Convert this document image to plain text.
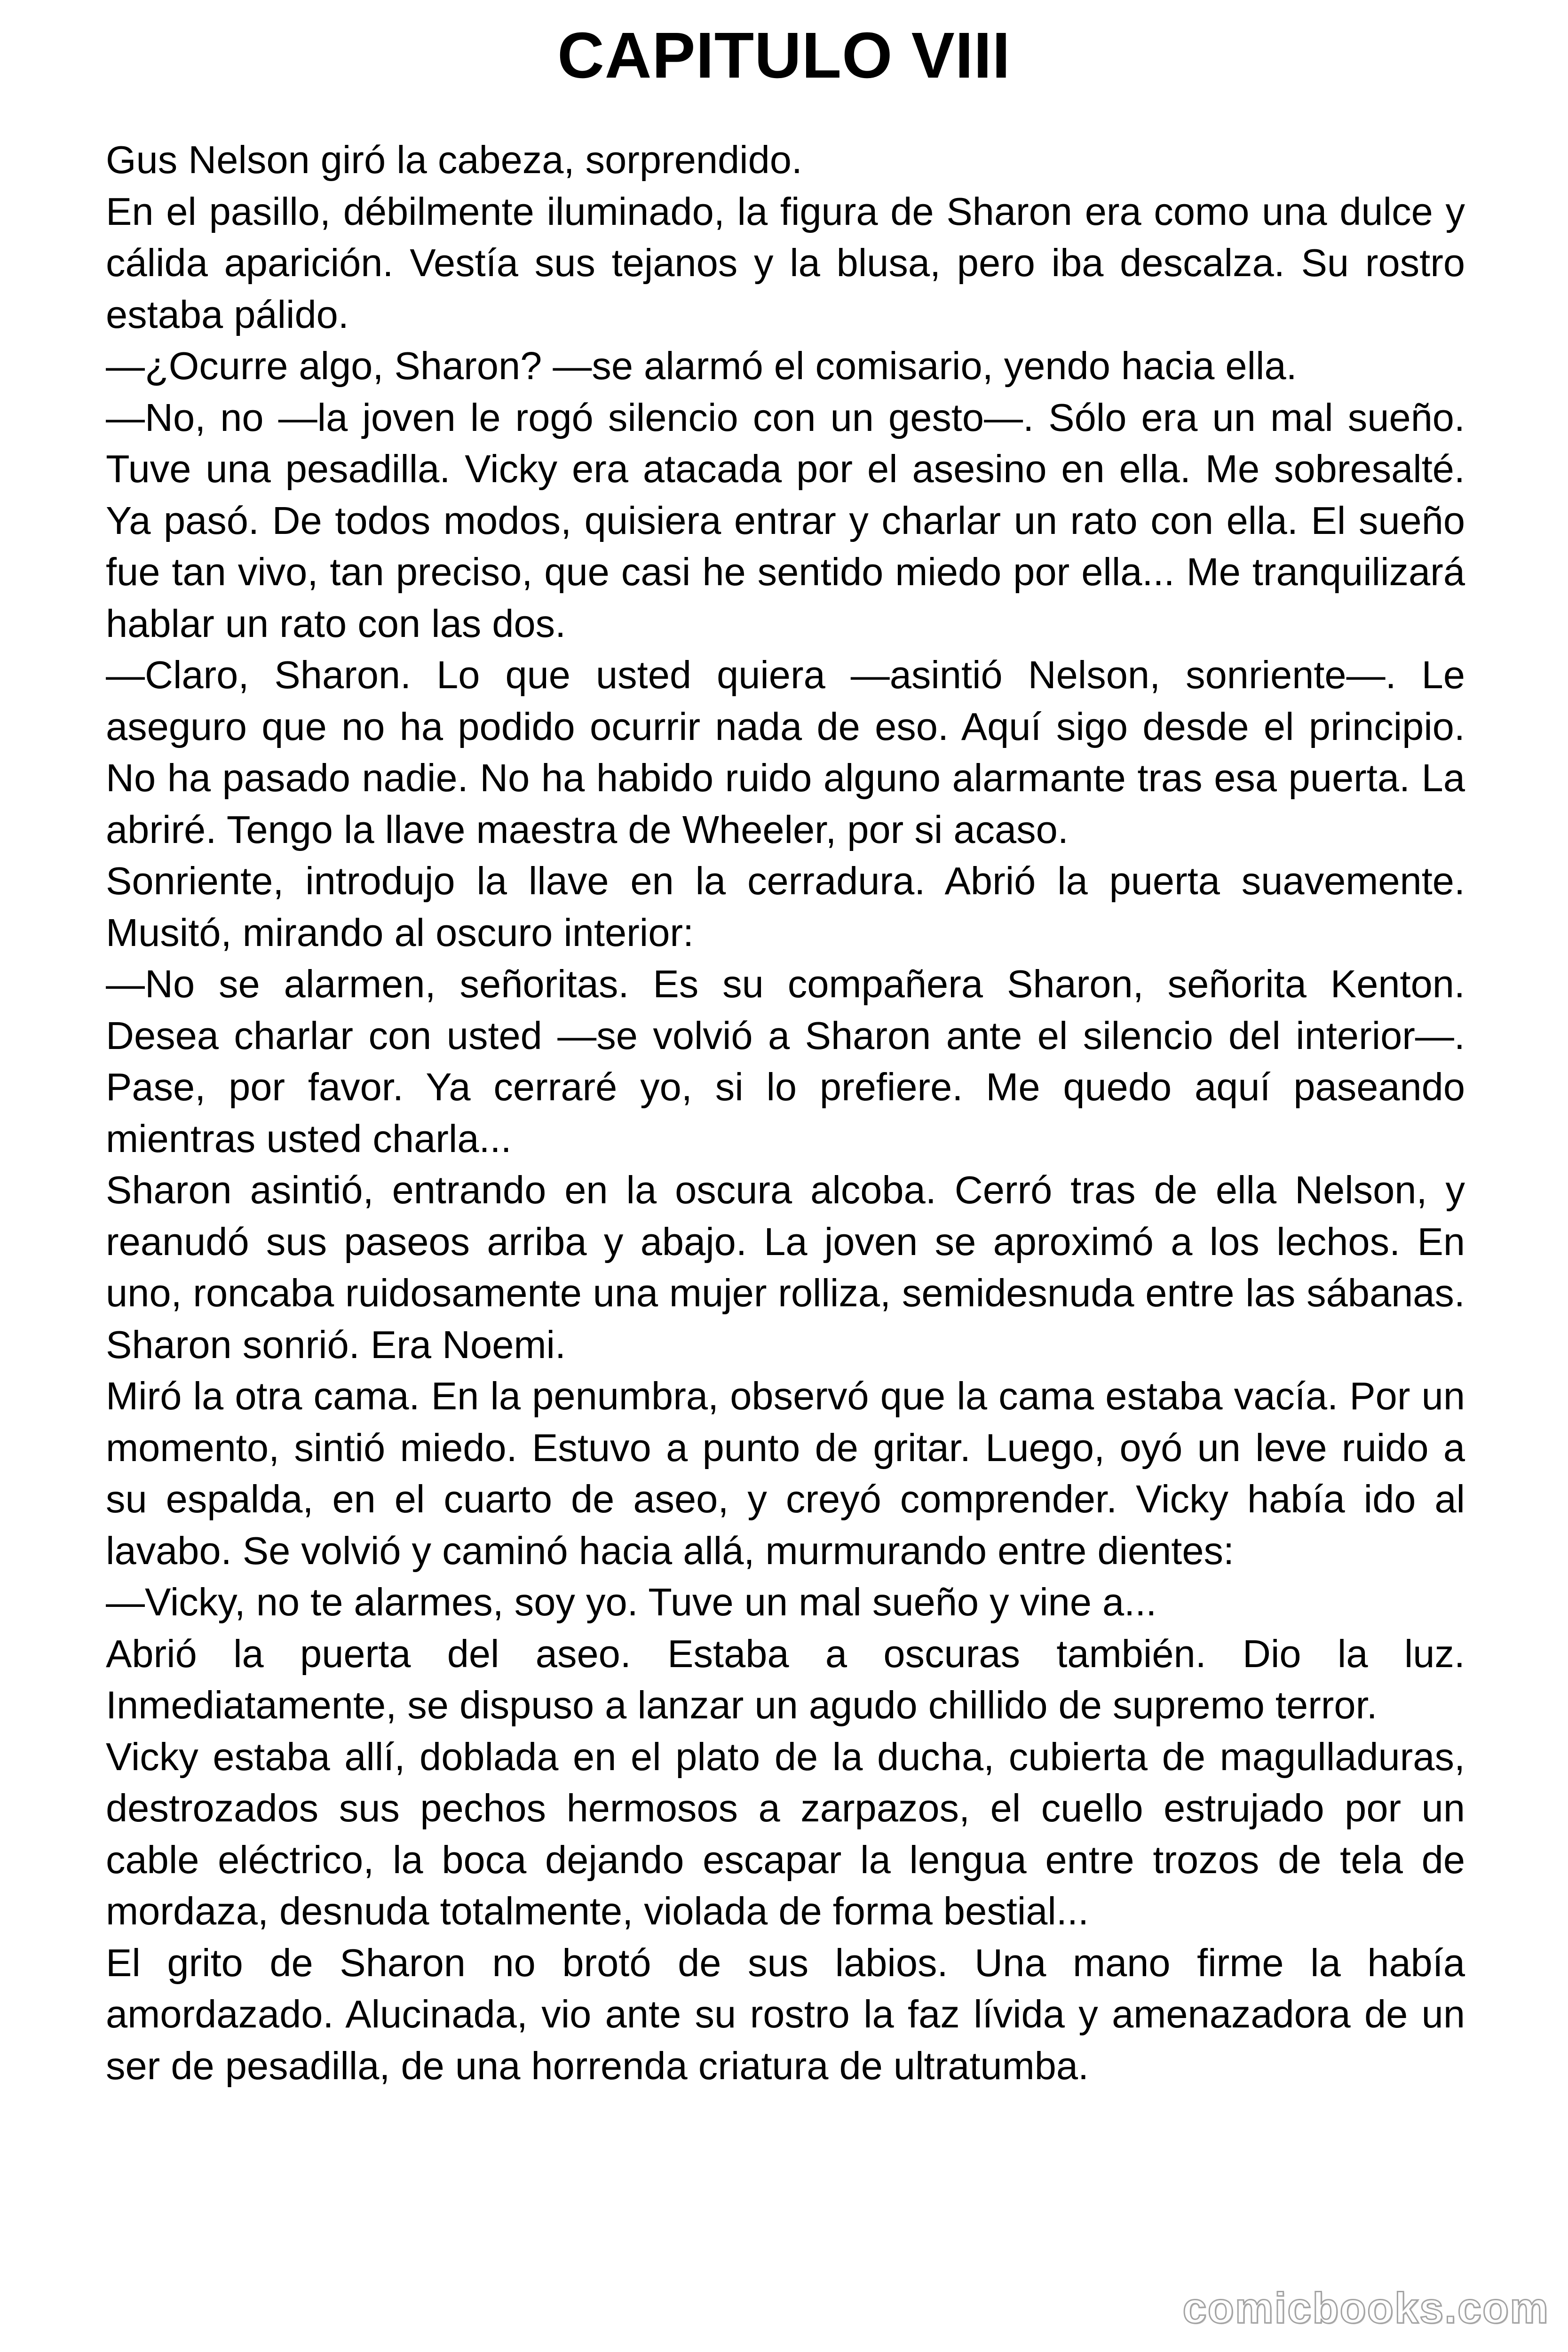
CAPITULO VIII

Gus Nelson giró la cabeza, sorprendido.

En el pasillo, débilmente iluminado, la figura de Sharon era como una dulce y cálida aparición. Vestía sus tejanos y la blusa, pero iba descalza. Su rostro estaba pálido.

—¿Ocurre algo, Sharon? —se alarmó el comisario, yendo hacia ella.

—No, no —la joven le rogó silencio con un gesto—. Sólo era un mal sueño. Tuve una pesadilla. Vicky era atacada por el asesino en ella. Me sobresalté. Ya pasó. De todos modos, quisiera entrar y charlar un rato con ella. El sueño fue tan vivo, tan preciso, que casi he sentido miedo por ella... Me tranquilizará hablar un rato con las dos.

—Claro, Sharon. Lo que usted quiera —asintió Nelson, sonriente—. Le aseguro que no ha podido ocurrir nada de eso. Aquí sigo desde el principio. No ha pasado nadie. No ha habido ruido alguno alarmante tras esa puerta. La abriré. Tengo la llave maestra de Wheeler, por si acaso.

Sonriente, introdujo la llave en la cerradura. Abrió la puerta suavemente. Musitó, mirando al oscuro interior:

—No se alarmen, señoritas. Es su compañera Sharon, señorita Kenton. Desea charlar con usted —se volvió a Sharon ante el silencio del interior—. Pase, por favor. Ya cerraré yo, si lo prefiere. Me quedo aquí paseando mientras usted charla...

Sharon asintió, entrando en la oscura alcoba. Cerró tras de ella Nelson, y reanudó sus paseos arriba y abajo. La joven se aproximó a los lechos. En uno, roncaba ruidosamente una mujer rolliza, semidesnuda entre las sábanas. Sharon sonrió. Era Noemi.

Miró la otra cama. En la penumbra, observó que la cama estaba vacía. Por un momento, sintió miedo. Estuvo a punto de gritar. Luego, oyó un leve ruido a su espalda, en el cuarto de aseo, y creyó comprender. Vicky había ido al lavabo. Se volvió y caminó hacia allá, murmurando entre dientes:

—Vicky, no te alarmes, soy yo. Tuve un mal sueño y vine a...

Abrió la puerta del aseo. Estaba a oscuras también. Dio la luz. Inmediatamente, se dispuso a lanzar un agudo chillido de supremo terror.

Vicky estaba allí, doblada en el plato de la ducha, cubierta de magulladuras, destrozados sus pechos hermosos a zarpazos, el cuello estrujado por un cable eléctrico, la boca dejando escapar la lengua entre trozos de tela de mordaza, desnuda totalmente, violada de forma bestial...

El grito de Sharon no brotó de sus labios. Una mano firme la había amordazado. Alucinada, vio ante su rostro la faz lívida y amenazadora de un ser de pesadilla, de una horrenda criatura de ultratumba.

comicbooks.com
